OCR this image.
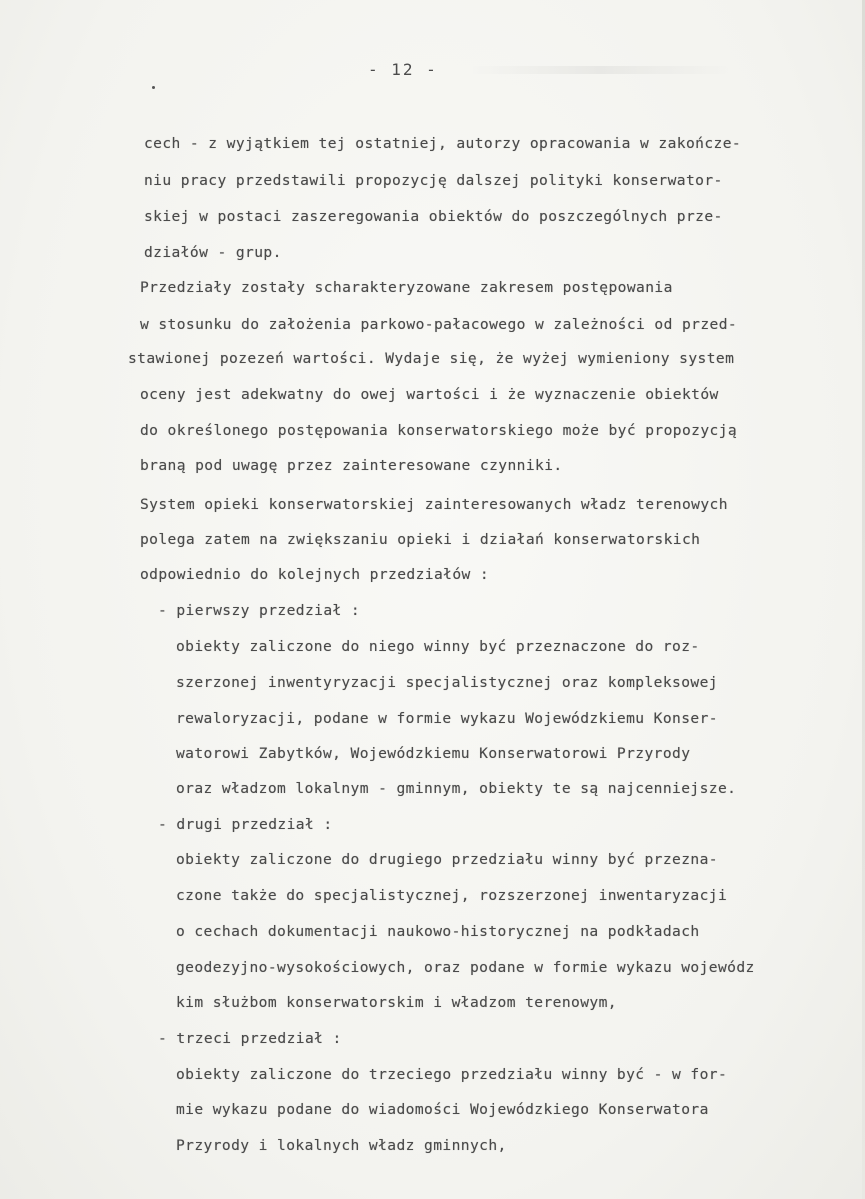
- 12 -
cech - z wyjątkiem tej ostatniej, autorzy opracowania w zakończe-
niu pracy przedstawili propozycję dalszej polityki konserwator-
skiej w postaci zaszeregowania obiektów do poszczególnych prze-
działów - grup.
Przedziały zostały scharakteryzowane zakresem postępowania
w stosunku do założenia parkowo-pałacowego w zależności od przed-
stawionej pozezeń wartości. Wydaje się, że wyżej wymieniony system
oceny jest adekwatny do owej wartości i że wyznaczenie obiektów
do określonego postępowania konserwatorskiego może być propozycją
braną pod uwagę przez zainteresowane czynniki.
System opieki konserwatorskiej zainteresowanych władz terenowych
polega zatem na zwiększaniu opieki i działań konserwatorskich
odpowiednio do kolejnych przedziałów :
- pierwszy przedział :
obiekty zaliczone do niego winny być przeznaczone do roz-
szerzonej inwentyryzacji specjalistycznej oraz kompleksowej
rewaloryzacji, podane w formie wykazu Wojewódzkiemu Konser-
watorowi Zabytków, Wojewódzkiemu Konserwatorowi Przyrody
oraz władzom lokalnym - gminnym, obiekty te są najcenniejsze.
- drugi przedział :
obiekty zaliczone do drugiego przedziału winny być przezna-
czone także do specjalistycznej, rozszerzonej inwentaryzacji
o cechach dokumentacji naukowo-historycznej na podkładach
geodezyjno-wysokościowych, oraz podane w formie wykazu wojewódz
kim służbom konserwatorskim i władzom terenowym,
- trzeci przedział :
obiekty zaliczone do trzeciego przedziału winny być - w for-
mie wykazu podane do wiadomości Wojewódzkiego Konserwatora
Przyrody i lokalnych władz gminnych,
